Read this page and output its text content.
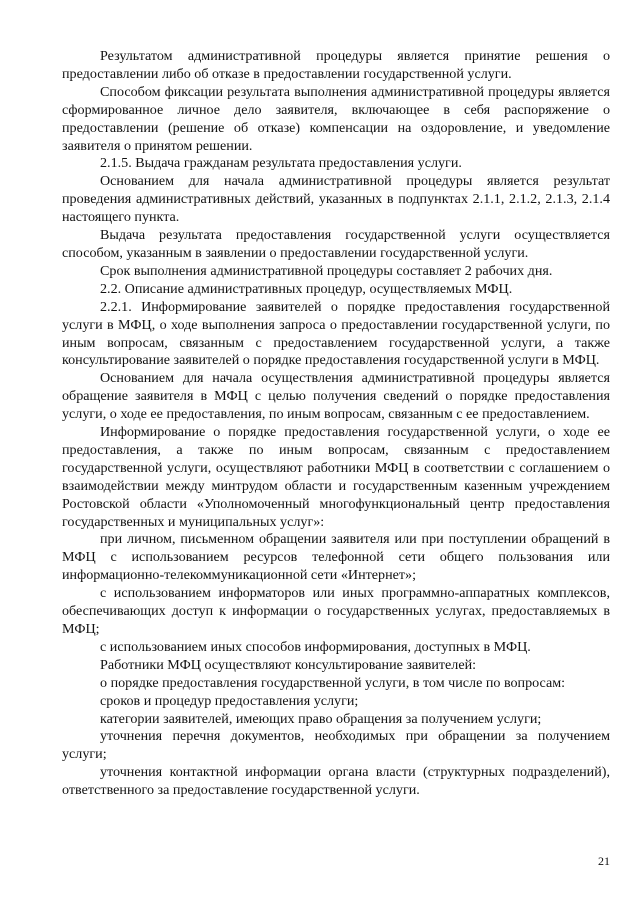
Результатом административной процедуры является принятие решения о предоставлении либо об отказе в предоставлении государственной услуги.

Способом фиксации результата выполнения административной процедуры является сформированное личное дело заявителя, включающее в себя распоряжение о предоставлении (решение об отказе) компенсации на оздоровление, и уведомление заявителя о принятом решении.

2.1.5. Выдача гражданам результата предоставления услуги.

Основанием для начала административной процедуры является результат проведения административных действий, указанных в подпунктах 2.1.1, 2.1.2, 2.1.3, 2.1.4 настоящего пункта.

Выдача результата предоставления государственной услуги осуществляется способом, указанным в заявлении о предоставлении государственной услуги.

Срок выполнения административной процедуры составляет 2 рабочих дня.

2.2. Описание административных процедур, осуществляемых МФЦ.

2.2.1. Информирование заявителей о порядке предоставления государственной услуги в МФЦ, о ходе выполнения запроса о предоставлении государственной услуги, по иным вопросам, связанным с предоставлением государственной услуги, а также консультирование заявителей о порядке предоставления государственной услуги в МФЦ.

Основанием для начала осуществления административной процедуры является обращение заявителя в МФЦ с целью получения сведений о порядке предоставления услуги, о ходе ее предоставления, по иным вопросам, связанным с ее предоставлением.

Информирование о порядке предоставления государственной услуги, о ходе ее предоставления, а также по иным вопросам, связанным с предоставлением государственной услуги, осуществляют работники МФЦ в соответствии с соглашением о взаимодействии между минтрудом области и государственным казенным учреждением Ростовской области «Уполномоченный многофункциональный центр предоставления государственных и муниципальных услуг»:

при личном, письменном обращении заявителя или при поступлении обращений в МФЦ с использованием ресурсов телефонной сети общего пользования или информационно-телекоммуникационной сети «Интернет»;

с использованием информаторов или иных программно-аппаратных комплексов, обеспечивающих доступ к информации о государственных услугах, предоставляемых в МФЦ;

с использованием иных способов информирования, доступных в МФЦ.

Работники МФЦ осуществляют консультирование заявителей:

о порядке предоставления государственной услуги, в том числе по вопросам:

сроков и процедур предоставления услуги;

категории заявителей, имеющих право обращения за получением услуги;

уточнения перечня документов, необходимых при обращении за получением услуги;

уточнения контактной информации органа власти (структурных подразделений), ответственного за предоставление государственной услуги.

21
